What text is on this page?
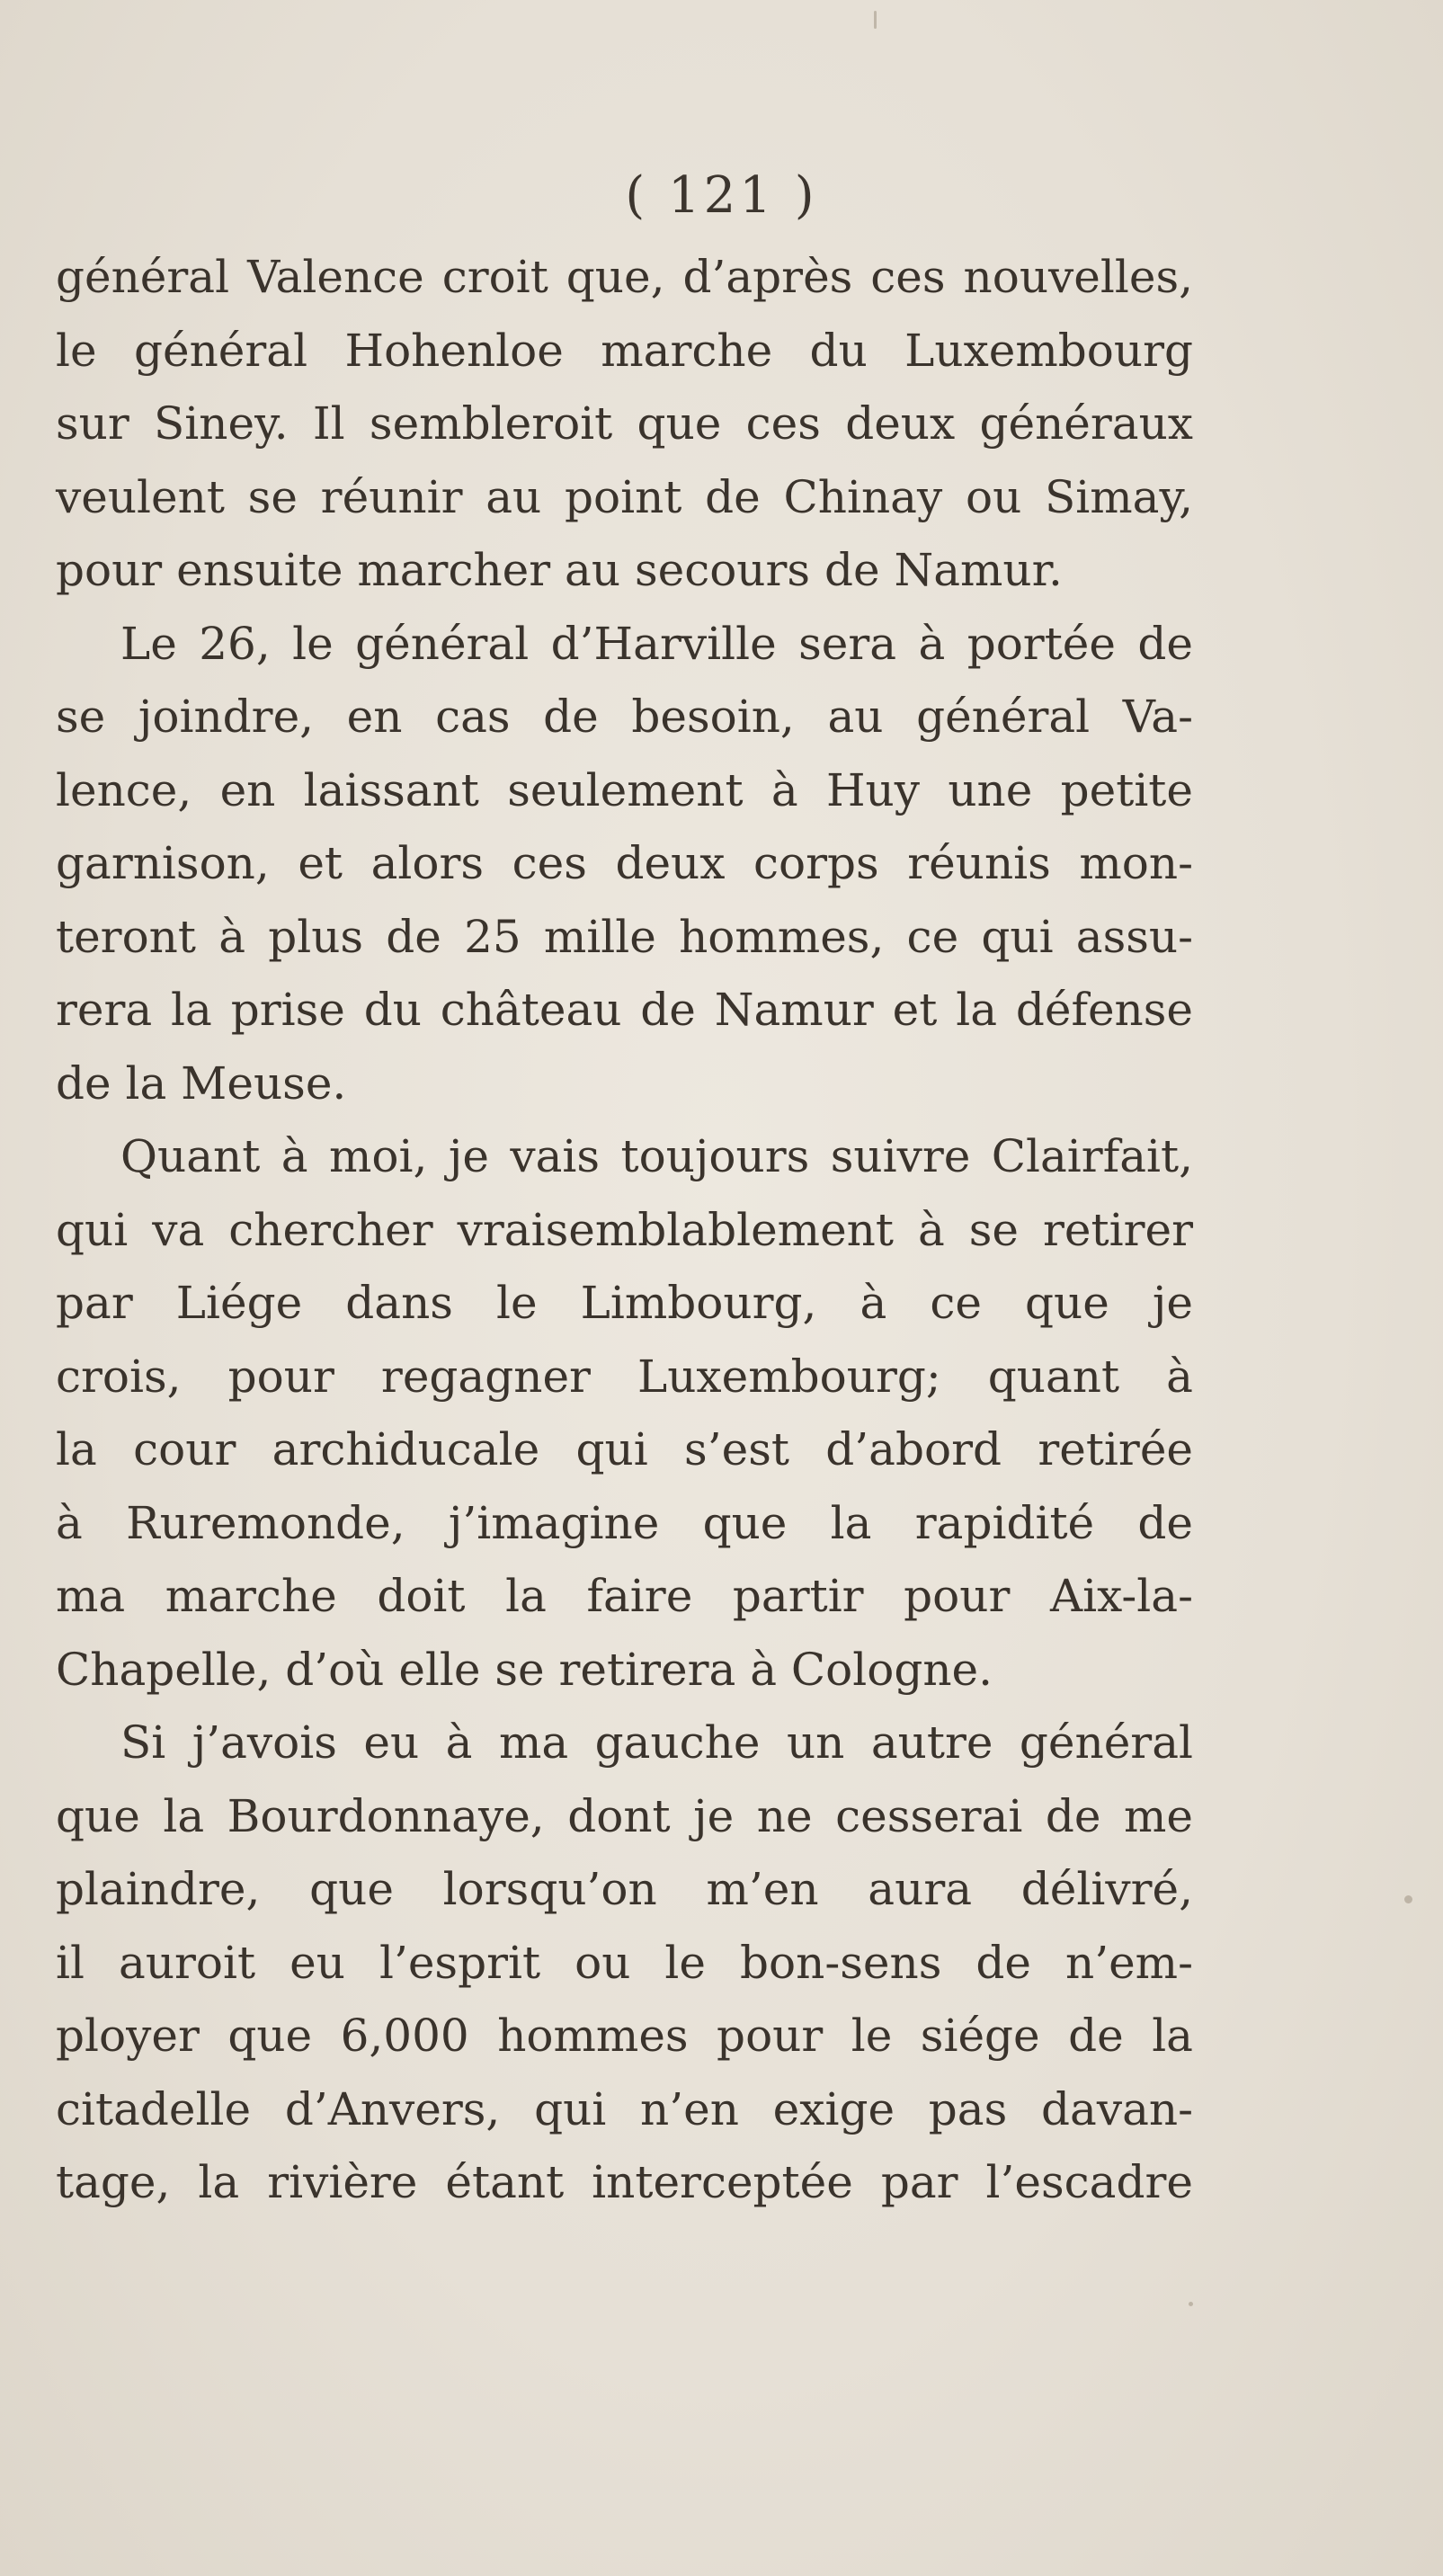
( 121 )
général Valence croit que, d’après ces nouvelles,
le général Hohenloe marche du Luxembourg
sur Siney. Il sembleroit que ces deux généraux
veulent se réunir au point de Chinay ou Simay,
pour ensuite marcher au secours de Namur.
Le 26, le général d’Harville sera à portée de
se joindre, en cas de besoin, au général Va-
lence, en laissant seulement à Huy une petite
garnison, et alors ces deux corps réunis mon-
teront à plus de 25 mille hommes, ce qui assu-
rera la prise du château de Namur et la défense
de la Meuse.
Quant à moi, je vais toujours suivre Clairfait,
qui va chercher vraisemblablement à se retirer
par Liége dans le Limbourg, à ce que je
crois, pour regagner Luxembourg; quant à
la cour archiducale qui s’est d’abord retirée
à Ruremonde, j’imagine que la rapidité de
ma marche doit la faire partir pour Aix-la-
Chapelle, d’où elle se retirera à Cologne.
Si j’avois eu à ma gauche un autre général
que la Bourdonnaye, dont je ne cesserai de me
plaindre, que lorsqu’on m’en aura délivré,
il auroit eu l’esprit ou le bon-sens de n’em-
ployer que 6,000 hommes pour le siége de la
citadelle d’Anvers, qui n’en exige pas davan-
tage, la rivière étant interceptée par l’escadre
